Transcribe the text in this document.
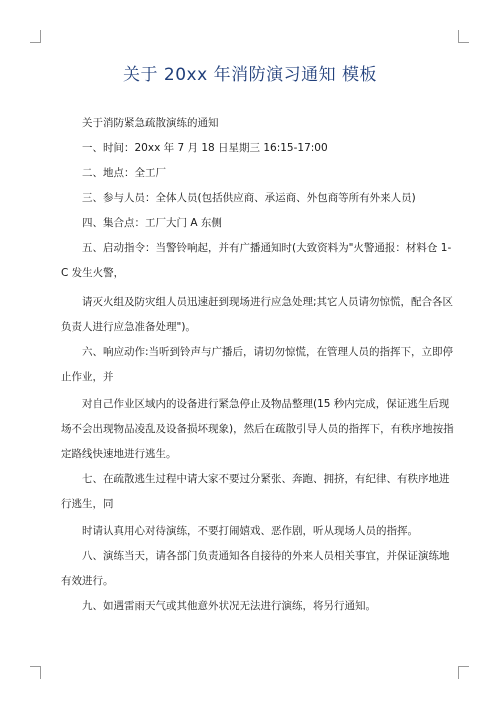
关于 20xx 年消防演习通知 模板
关于消防紧急疏散演练的通知
一、时间：20xx 年 7 月 18 日星期三 16:15-17:00
二、地点：全工厂
三、参与人员：全体人员(包括供应商、承运商、外包商等所有外来人员)
四、集合点：工厂大门 A 东侧
五、启动指令：当警铃响起，并有广播通知时(大致资料为"火警通报：材料仓 1-
C 发生火警，
请灭火组及防灾组人员迅速赶到现场进行应急处理;其它人员请勿惊慌，配合各区
负责人进行应急准备处理")。
六、响应动作:当听到铃声与广播后，请切勿惊慌，在管理人员的指挥下，立即停
止作业，并
对自己作业区域内的设备进行紧急停止及物品整理(15 秒内完成，保证逃生后现
场不会出现物品凌乱及设备损坏现象)，然后在疏散引导人员的指挥下，有秩序地按指
定路线快速地进行逃生。
七、在疏散逃生过程中请大家不要过分紧张、奔跑、拥挤，有纪律、有秩序地进
行逃生，同
时请认真用心对待演练，不要打闹嬉戏、恶作剧，听从现场人员的指挥。
八、演练当天，请各部门负责通知各自接待的外来人员相关事宜，并保证演练地
有效进行。
九、如遇雷雨天气或其他意外状况无法进行演练，将另行通知。
